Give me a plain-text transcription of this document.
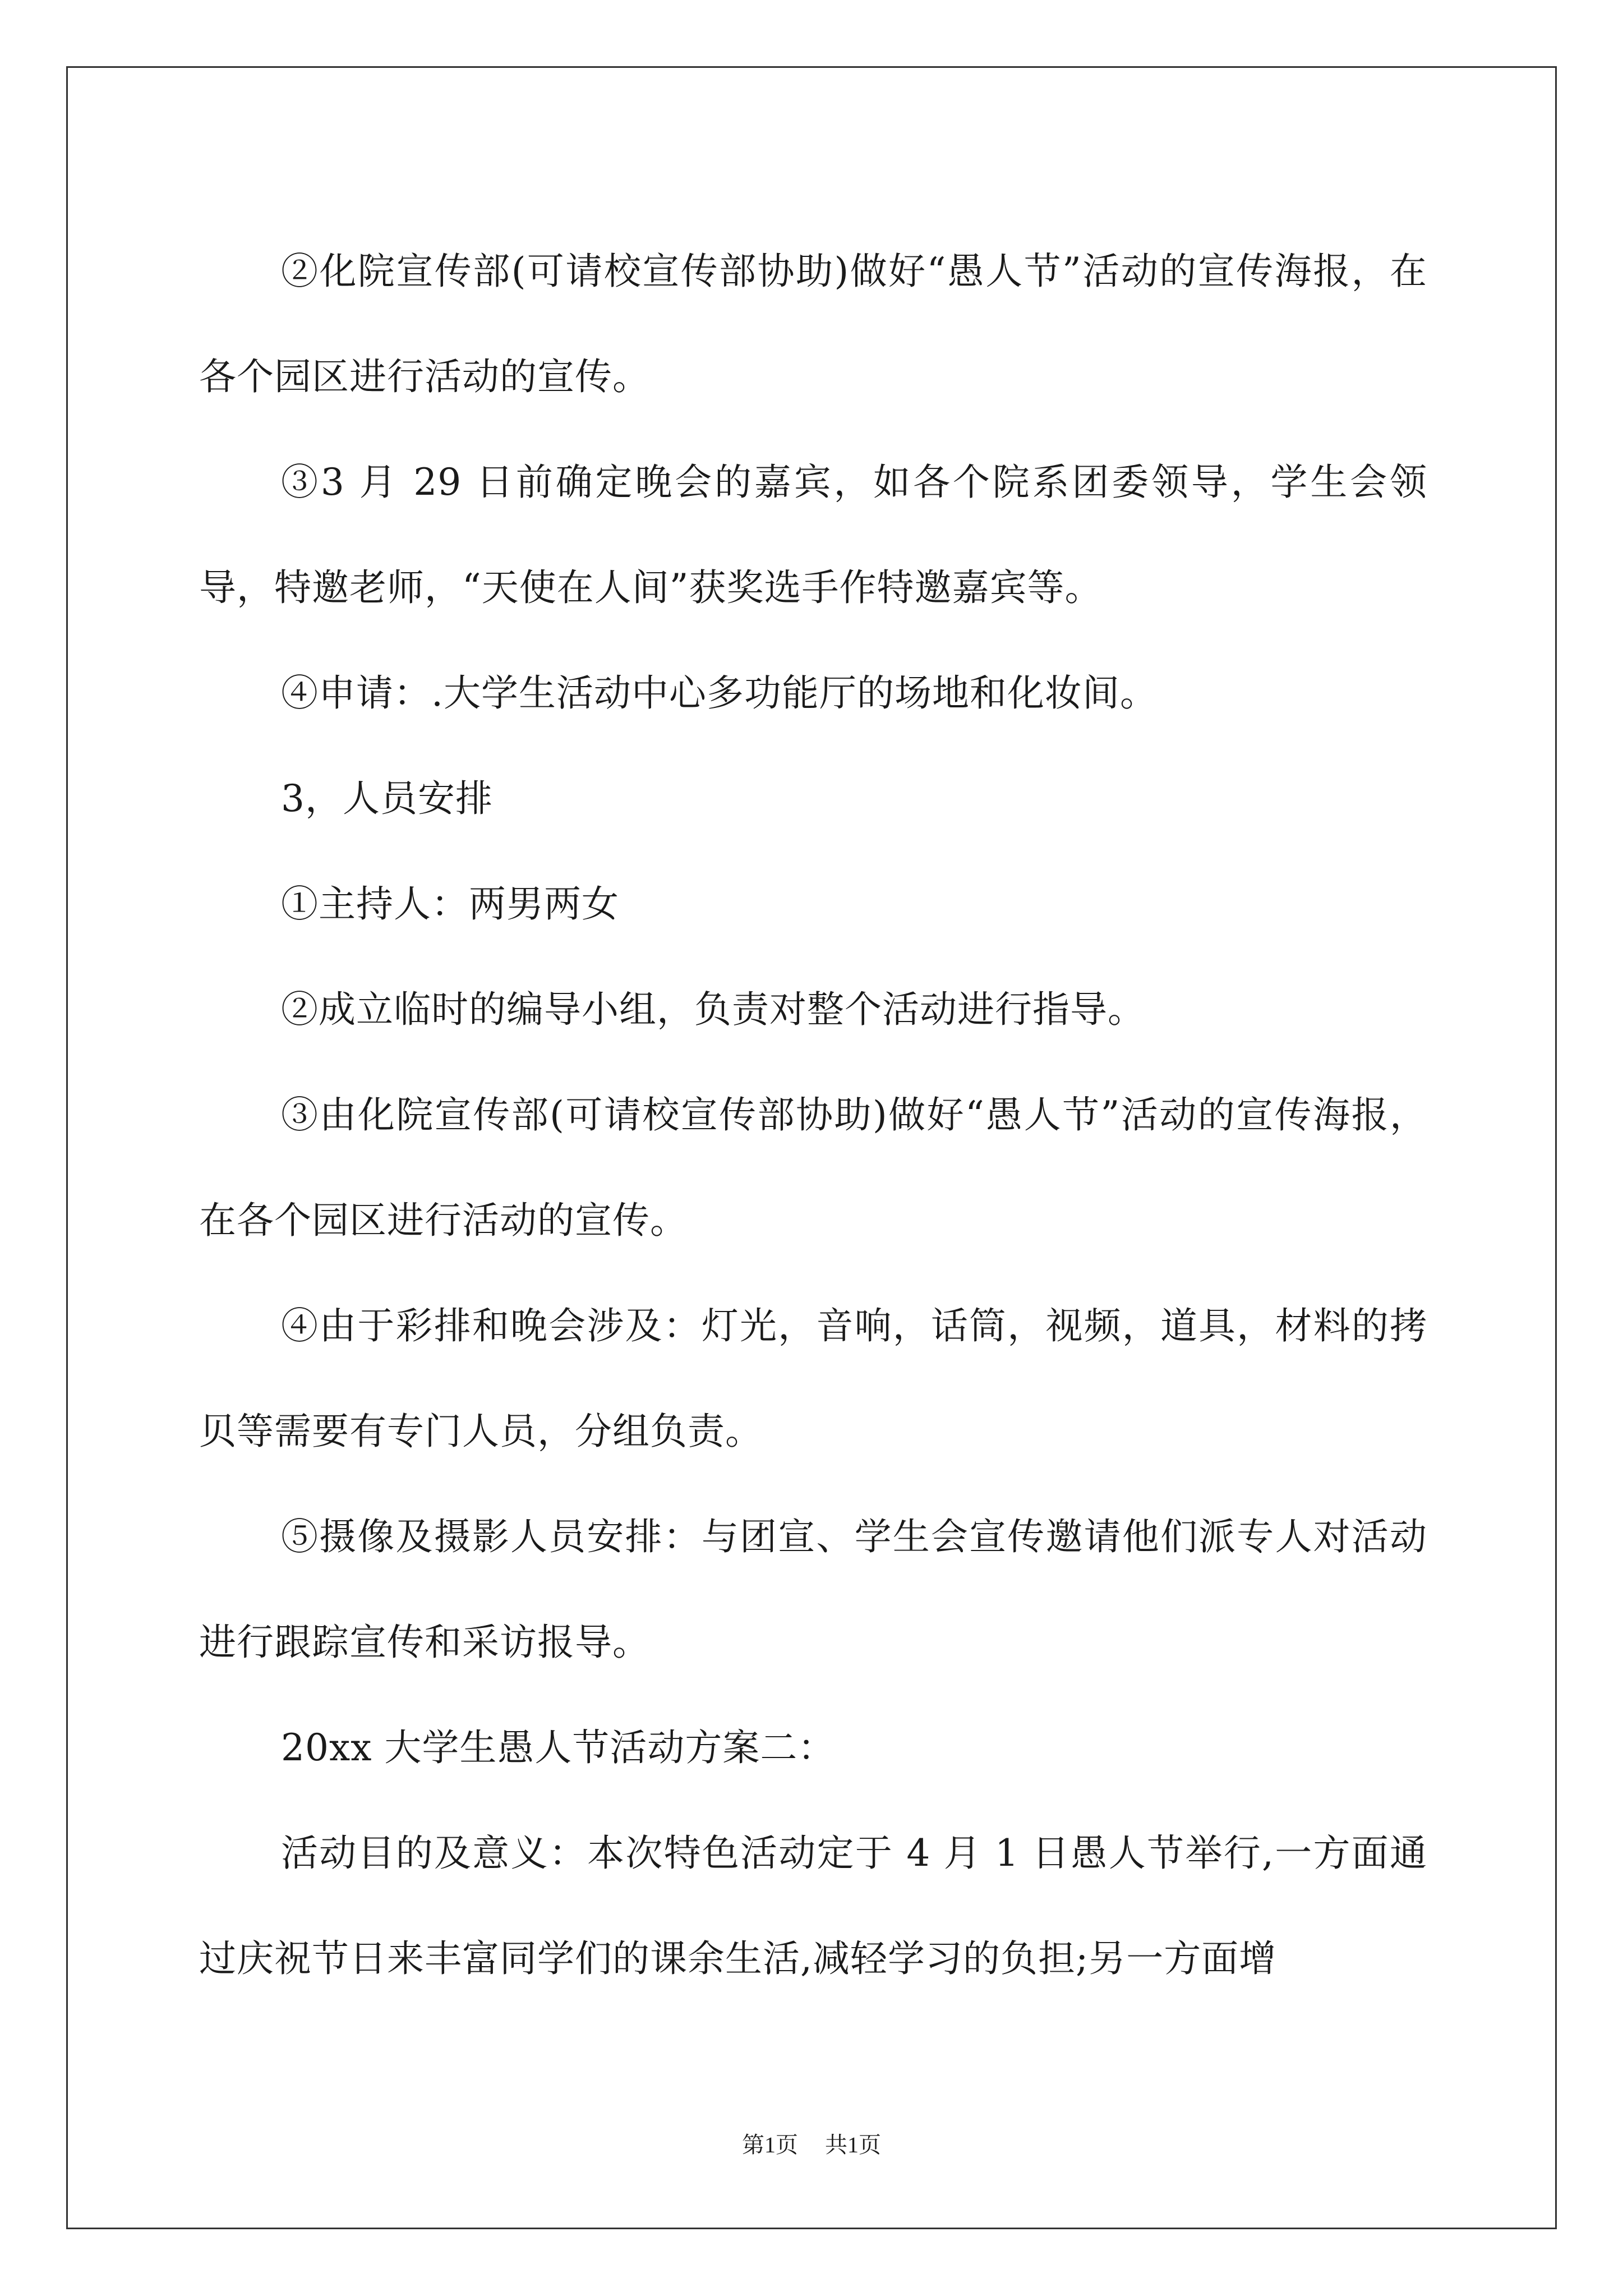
②化院宣传部(可请校宣传部协助)做好“愚人节”活动的宣传海报，在各个园区进行活动的宣传。

③3 月 29 日前确定晚会的嘉宾，如各个院系团委领导，学生会领导，特邀老师，“天使在人间”获奖选手作特邀嘉宾等。

④申请：.大学生活动中心多功能厅的场地和化妆间。

3，人员安排

①主持人：两男两女

②成立临时的编导小组，负责对整个活动进行指导。

③由化院宣传部(可请校宣传部协助)做好“愚人节”活动的宣传海报，在各个园区进行活动的宣传。

④由于彩排和晚会涉及：灯光，音响，话筒，视频，道具，材料的拷贝等需要有专门人员，分组负责。

⑤摄像及摄影人员安排：与团宣、学生会宣传邀请他们派专人对活动进行跟踪宣传和采访报导。

20xx 大学生愚人节活动方案二：

活动目的及意义：本次特色活动定于 4 月 1 日愚人节举行,一方面通过庆祝节日来丰富同学们的课余生活,减轻学习的负担;另一方面增

第1页 共1页
